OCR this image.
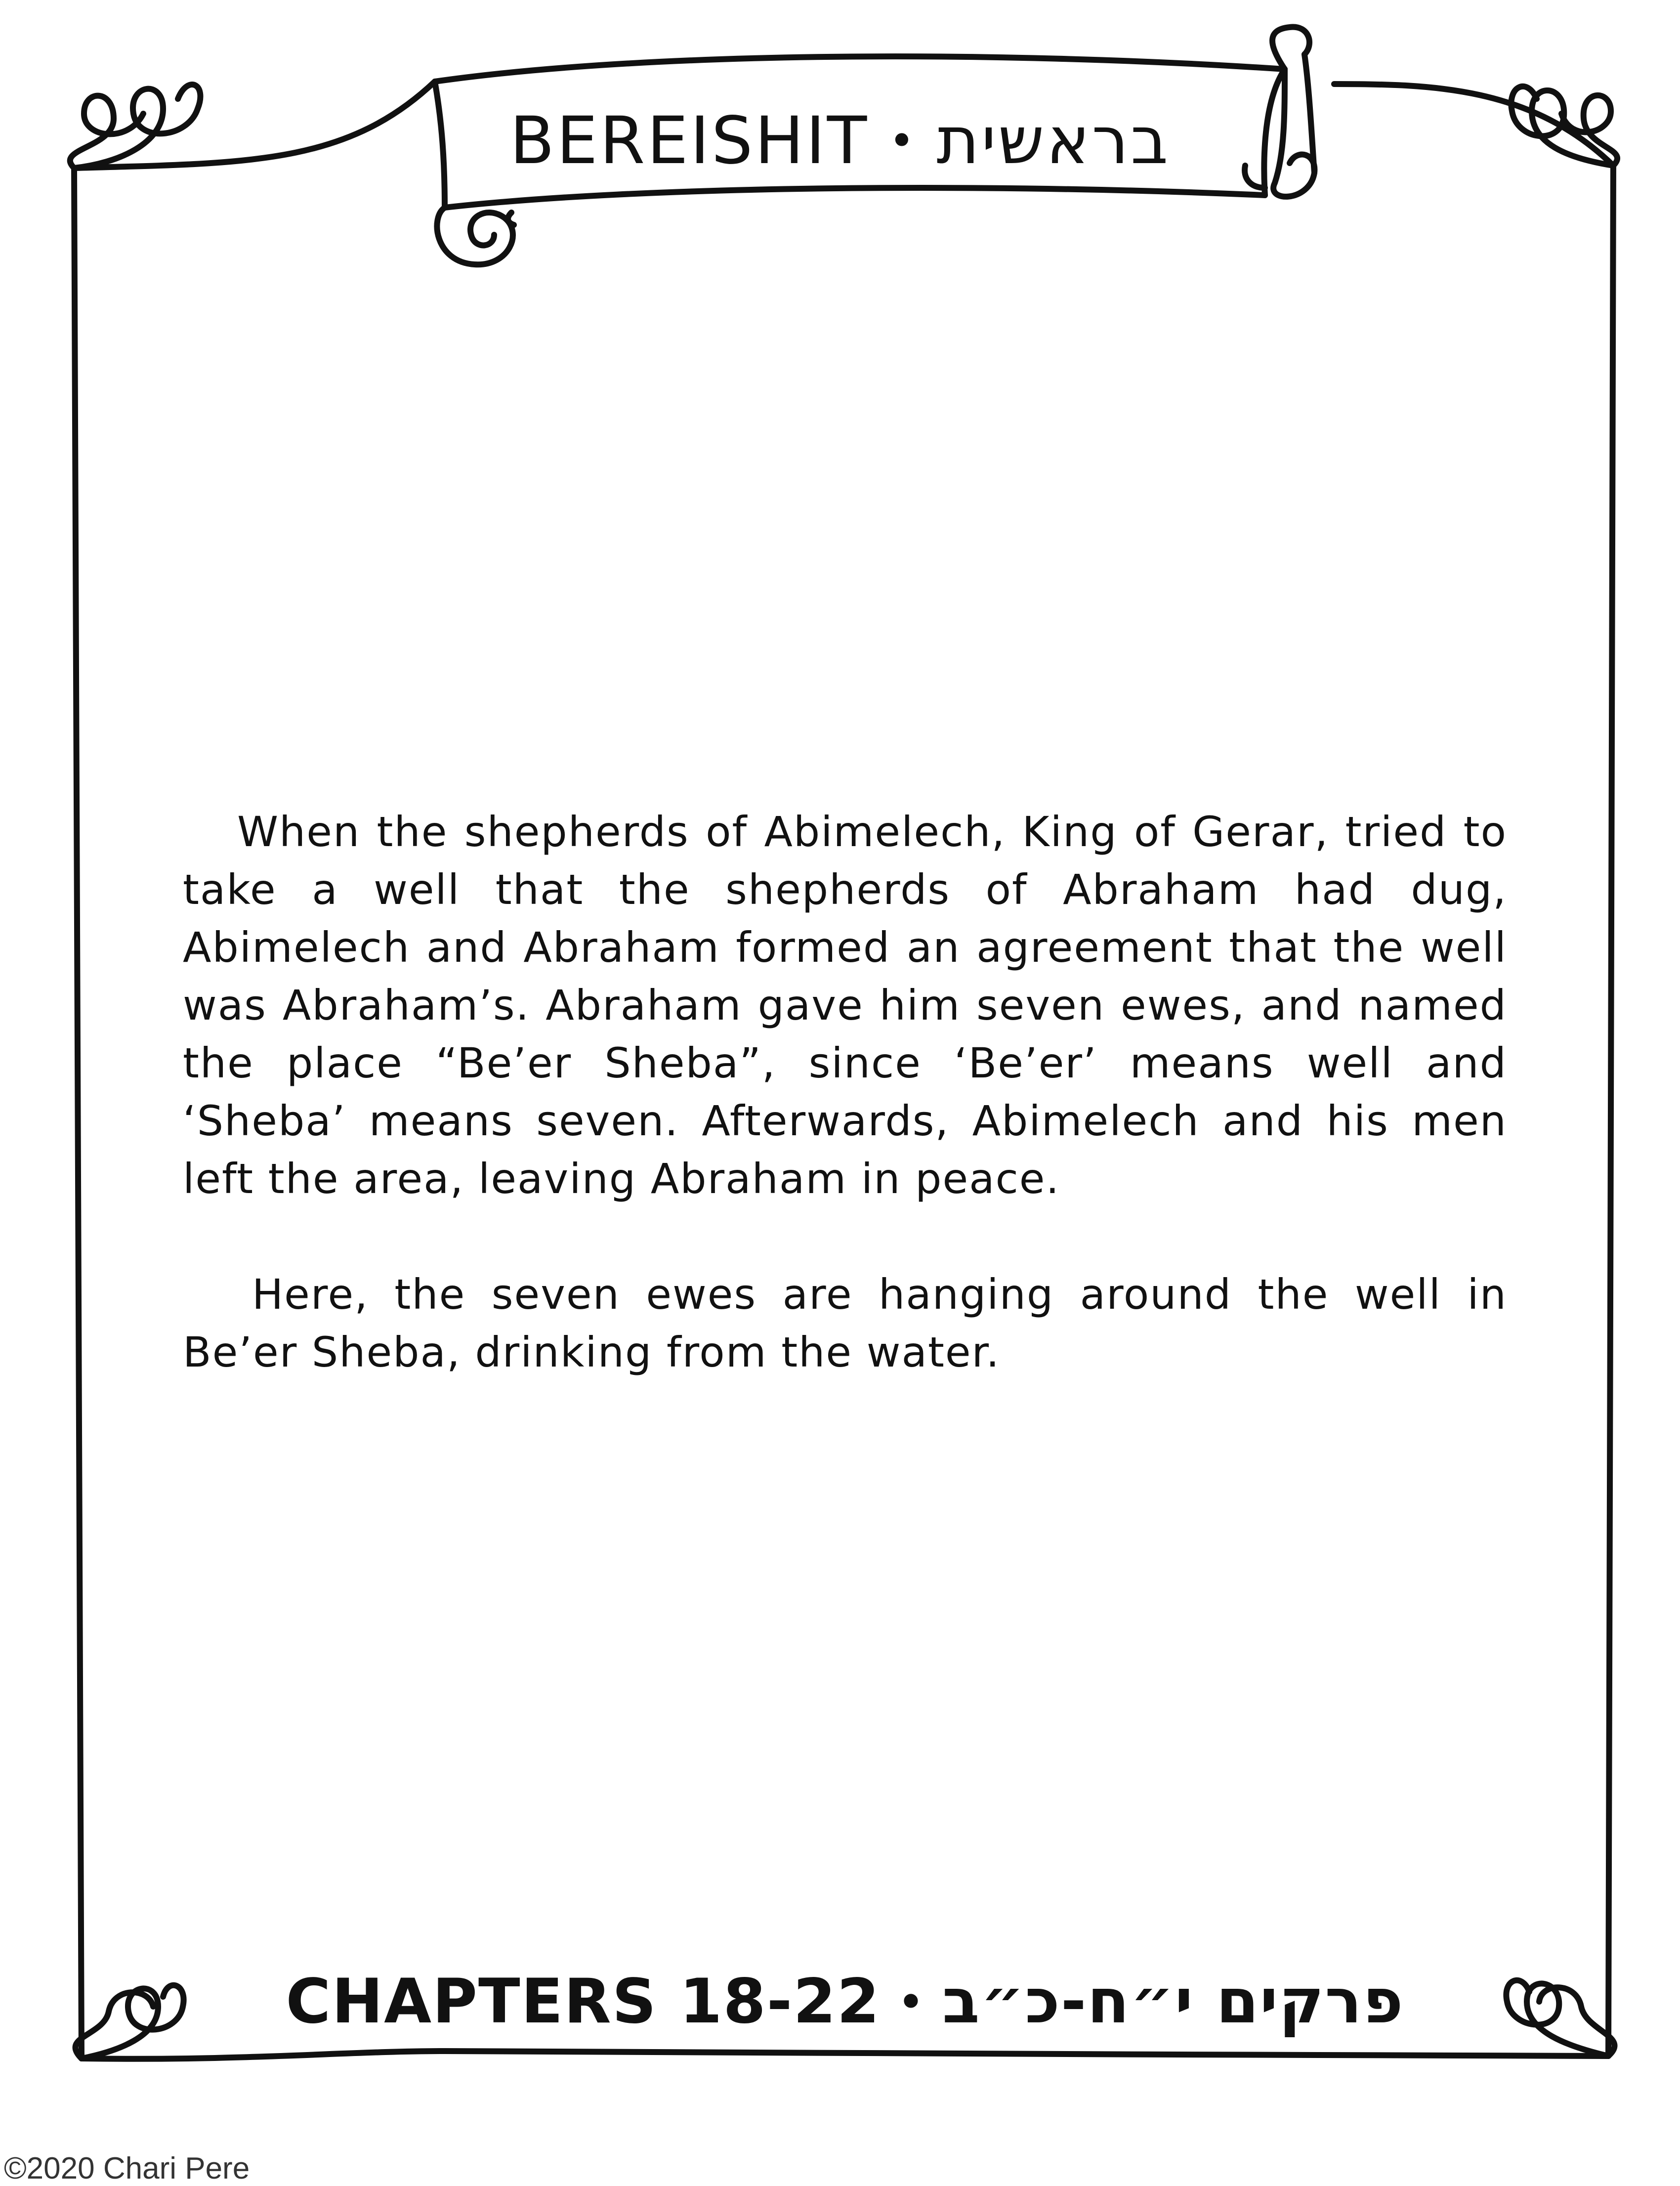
BEREISHIT • בראשית

When the shepherds of Abimelech, King of Gerar, tried to take a well that the shepherds of Abraham had dug, Abimelech and Abraham formed an agreement that the well was Abraham’s. Abraham gave him seven ewes, and named the place “Be’er Sheba”, since ‘Be’er’ means well and ‘Sheba’ means seven. Afterwards, Abimelech and his men left the area, leaving Abraham in peace.

Here, the seven ewes are hanging around the well in Be’er Sheba, drinking from the water.

CHAPTERS 18-22 • פרקים י״ח-כ״ב
©2020 Chari Pere
